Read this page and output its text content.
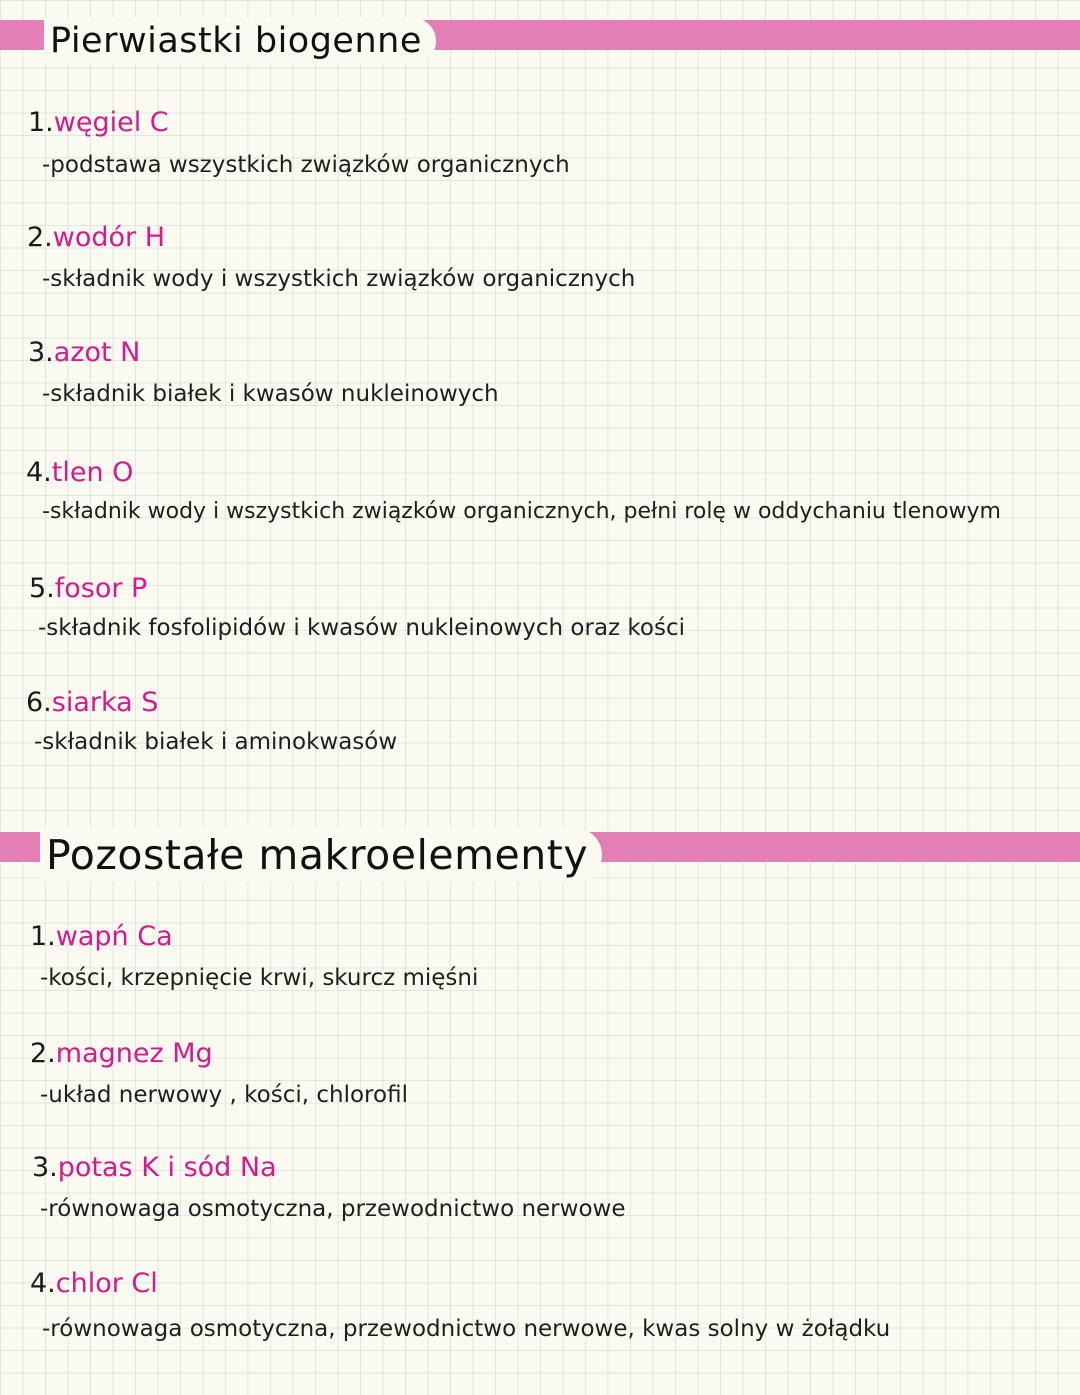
Pierwiastki biogenne
1.węgiel C
-podstawa wszystkich związków organicznych
2.wodór H
-składnik wody i wszystkich związków organicznych
3.azot N
-składnik białek i kwasów nukleinowych
4.tlen O
-składnik wody i wszystkich związków organicznych, pełni rolę w oddychaniu tlenowym
5.fosor P
-składnik fosfolipidów i kwasów nukleinowych oraz kości
6.siarka S
-składnik białek i aminokwasów
Pozostałe makroelementy
1.wapń Ca
-kości, krzepnięcie krwi, skurcz mięśni
2.magnez Mg
-układ nerwowy , kości, chlorofil
3.potas K i sód Na
-równowaga osmotyczna, przewodnictwo nerwowe
4.chlor Cl
-równowaga osmotyczna, przewodnictwo nerwowe, kwas solny w żołądku
